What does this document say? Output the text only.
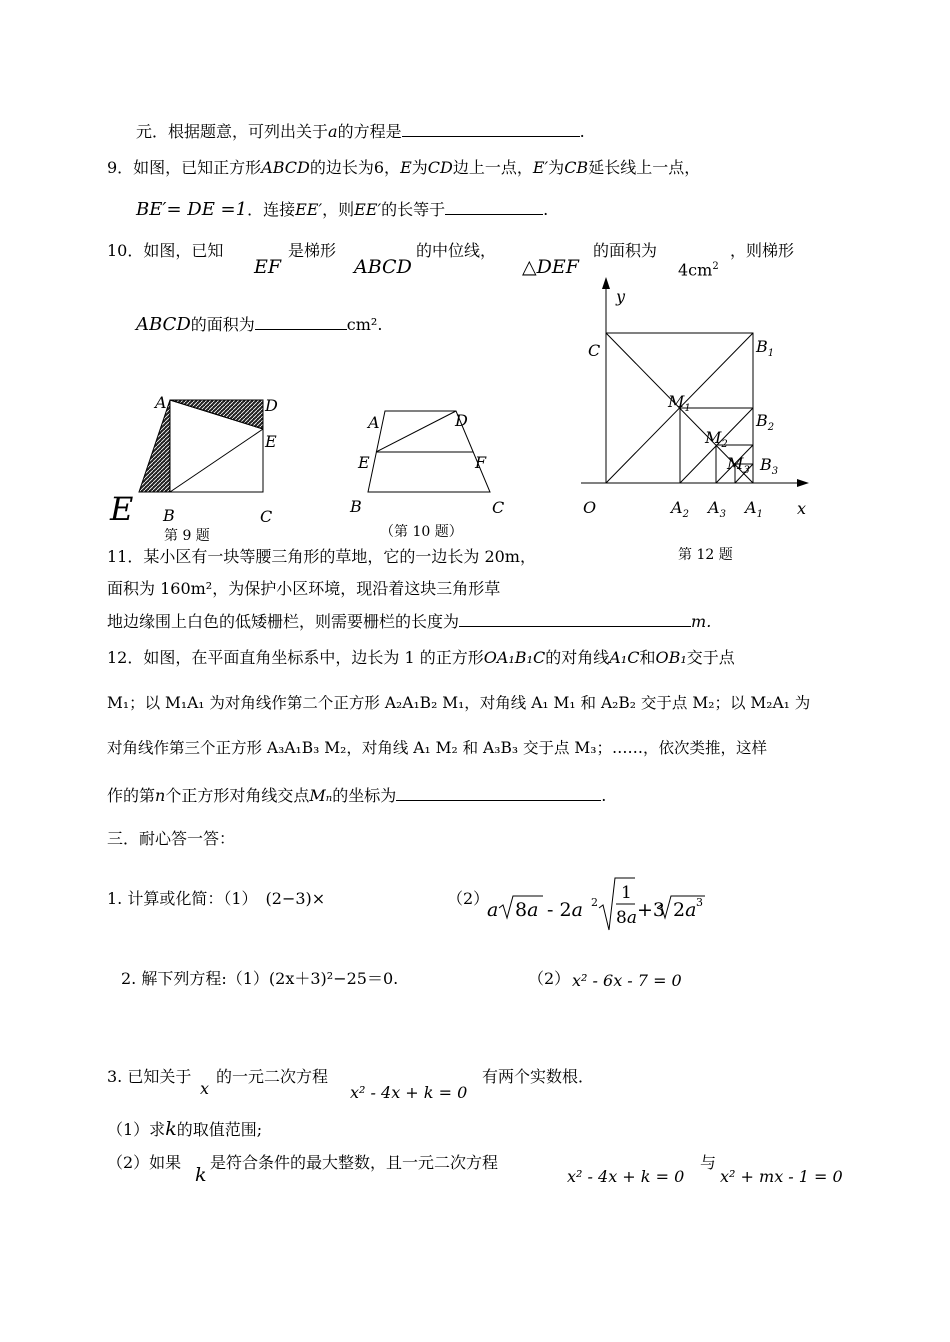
元．根据题意，可列出关于a的方程是	.
9．如图，已知正方形ABCD的边长为6，E为CD边上一点，E′为CB延长线上一点，
BE′= DE =1．连接EE′，则EE′的长等于	.
10．如图，已知
EF
是梯形
ABCD
的中位线，
△DEF
的面积为
$4cm^2$
，则梯形
ABCD的面积为	cm².
A	D
E
B	C
E
第 9 题
A	D
E	F
B	C
（第 10 题）
y
C	$B_1$
$M_1$
$B_2$
$M_2$
$M_3$ $B_3$
O	$A_2$ $A_3$ $A_1$ x
第 12 题
11．某小区有一块等腰三角形的草地，它的一边长为 20m，
面积为 160m²，为保护小区环境，现沿着这块三角形草
地边缘围上白色的低矮栅栏，则需要栅栏的长度为	m.
12．如图，在平面直角坐标系中，边长为 1 的正方形OA₁B₁C的对角线A₁C和OB₁交于点
M₁；以 M₁A₁ 为对角线作第二个正方形 A₂A₁B₂ M₁，对角线 A₁ M₁ 和 A₂B₂ 交于点 M₂；以 M₂A₁ 为
对角线作第三个正方形 A₃A₁B₃ M₂，对角线 A₁ M₂ 和 A₃B₃ 交于点 M₃；……，依次类推，这样
作的第n个正方形对角线交点Mₙ的坐标为	.
三．耐心答一答：
1. 计算或化简：（1）　(2−3)×	（2）
a 8a - 2a 2 1
8a +3 2a 3
2. 解下列方程:（1）(2x＋3)²−25＝0.	（2） x² - 6x - 7 = 0
3. 已知关于
x
的一元二次方程
x² - 4x + k = 0
有两个实数根．
（1）求k的取值范围;
（2）如果
k
是符合条件的最大整数，且一元二次方程
x² - 4x + k = 0
与
x² + mx - 1 = 0
